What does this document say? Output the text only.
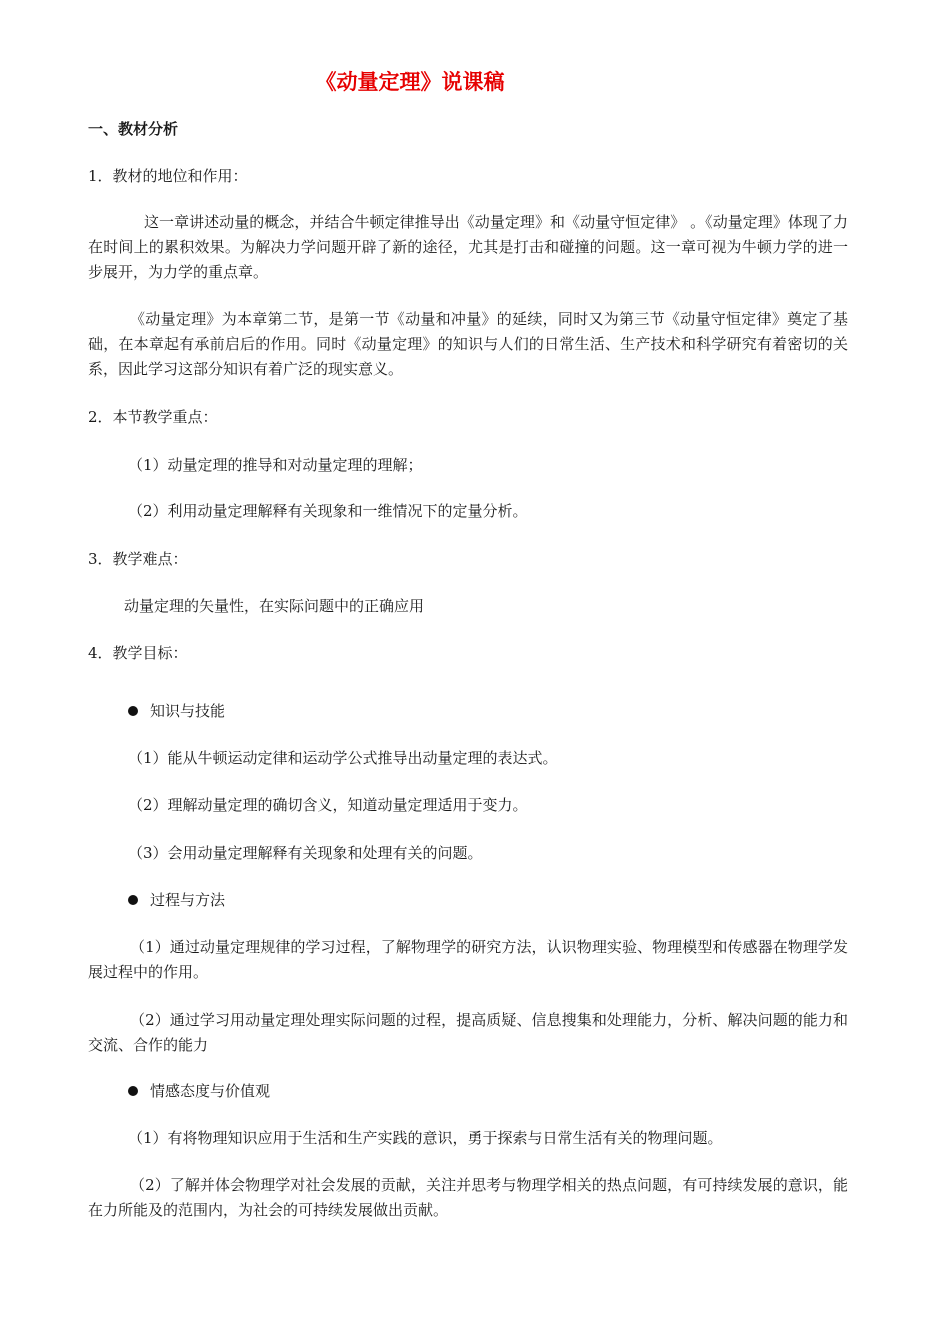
《动量定理》说课稿
一、教材分析
1．教材的地位和作用：

这一章讲述动量的概念，并结合牛顿定律推导出《动量定理》和《动量守恒定律》 。《动量定理》体现了力在时间上的累积效果。为解决力学问题开辟了新的途径，尤其是打击和碰撞的问题。这一章可视为牛顿力学的进一步展开，为力学的重点章。

《动量定理》为本章第二节，是第一节《动量和冲量》的延续，同时又为第三节《动量守恒定律》奠定了基础，在本章起有承前启后的作用。同时《动量定理》的知识与人们的日常生活、生产技术和科学研究有着密切的关系，因此学习这部分知识有着广泛的现实意义。

2．本节教学重点：
（1）动量定理的推导和对动量定理的理解；
（2）利用动量定理解释有关现象和一维情况下的定量分析。
3．教学难点：
动量定理的矢量性，在实际问题中的正确应用
4．教学目标：
知识与技能
（1）能从牛顿运动定律和运动学公式推导出动量定理的表达式。
（2）理解动量定理的确切含义，知道动量定理适用于变力。
（3）会用动量定理解释有关现象和处理有关的问题。
过程与方法

（1）通过动量定理规律的学习过程，了解物理学的研究方法，认识物理实验、物理模型和传感器在物理学发展过程中的作用。

（2）通过学习用动量定理处理实际问题的过程，提高质疑、信息搜集和处理能力，分析、解决问题的能力和交流、合作的能力

情感态度与价值观
（1）有将物理知识应用于生活和生产实践的意识，勇于探索与日常生活有关的物理问题。

（2）了解并体会物理学对社会发展的贡献，关注并思考与物理学相关的热点问题，有可持续发展的意识，能在力所能及的范围内，为社会的可持续发展做出贡献。
